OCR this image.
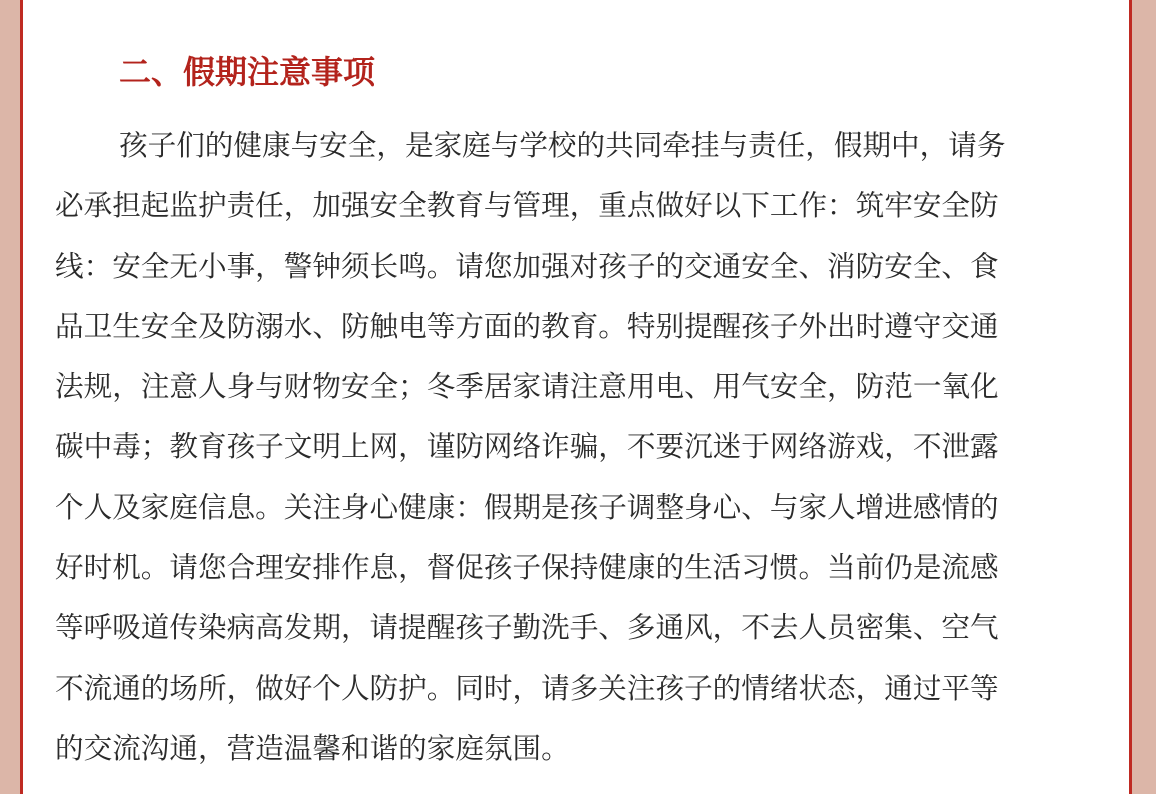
二、假期注意事项
孩子们的健康与安全，是家庭与学校的共同牵挂与责任，假期中，请务
必承担起监护责任，加强安全教育与管理，重点做好以下工作：筑牢安全防
线：安全无小事，警钟须长鸣。请您加强对孩子的交通安全、消防安全、食
品卫生安全及防溺水、防触电等方面的教育。特别提醒孩子外出时遵守交通
法规，注意人身与财物安全；冬季居家请注意用电、用气安全，防范一氧化
碳中毒；教育孩子文明上网，谨防网络诈骗，不要沉迷于网络游戏，不泄露
个人及家庭信息。关注身心健康：假期是孩子调整身心、与家人增进感情的
好时机。请您合理安排作息，督促孩子保持健康的生活习惯。当前仍是流感
等呼吸道传染病高发期，请提醒孩子勤洗手、多通风，不去人员密集、空气
不流通的场所，做好个人防护。同时，请多关注孩子的情绪状态，通过平等
的交流沟通，营造温馨和谐的家庭氛围。
